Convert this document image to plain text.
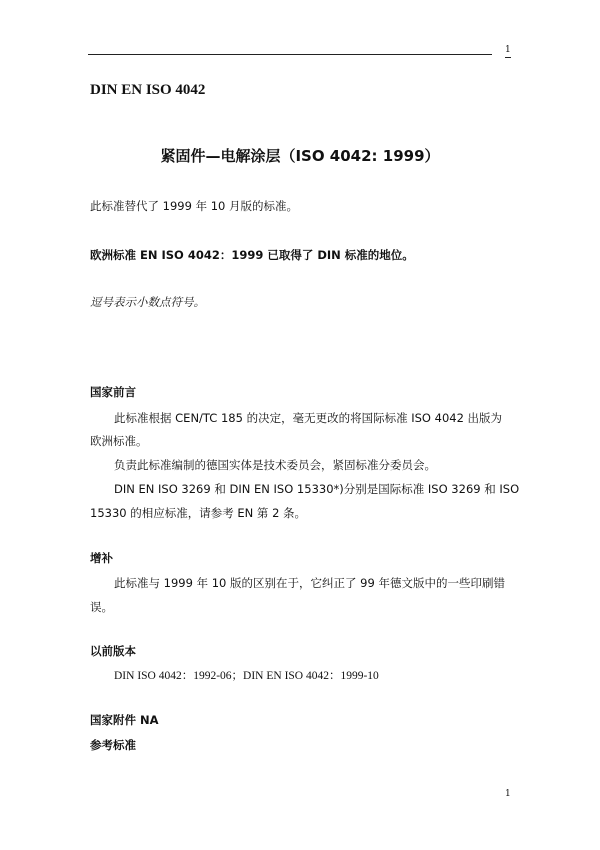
1
DIN EN ISO 4042
紧固件—电解涂层（ISO 4042: 1999）
此标准替代了 1999 年 10 月版的标准。
欧洲标准 EN ISO 4042：1999 已取得了 DIN 标准的地位。
逗号表示小数点符号。
国家前言
此标准根据 CEN/TC 185 的决定，毫无更改的将国际标准 ISO 4042 出版为
欧洲标准。
负责此标准编制的德国实体是技术委员会，紧固标准分委员会。
DIN EN ISO 3269 和 DIN EN ISO 15330*)分别是国际标准 ISO 3269 和 ISO
15330 的相应标准，请参考 EN 第 2 条。
增补
此标准与 1999 年 10 版的区别在于，它纠正了 99 年德文版中的一些印刷错
误。
以前版本
DIN ISO 4042：1992-06；DIN EN ISO 4042：1999-10
国家附件 NA
参考标准
1
